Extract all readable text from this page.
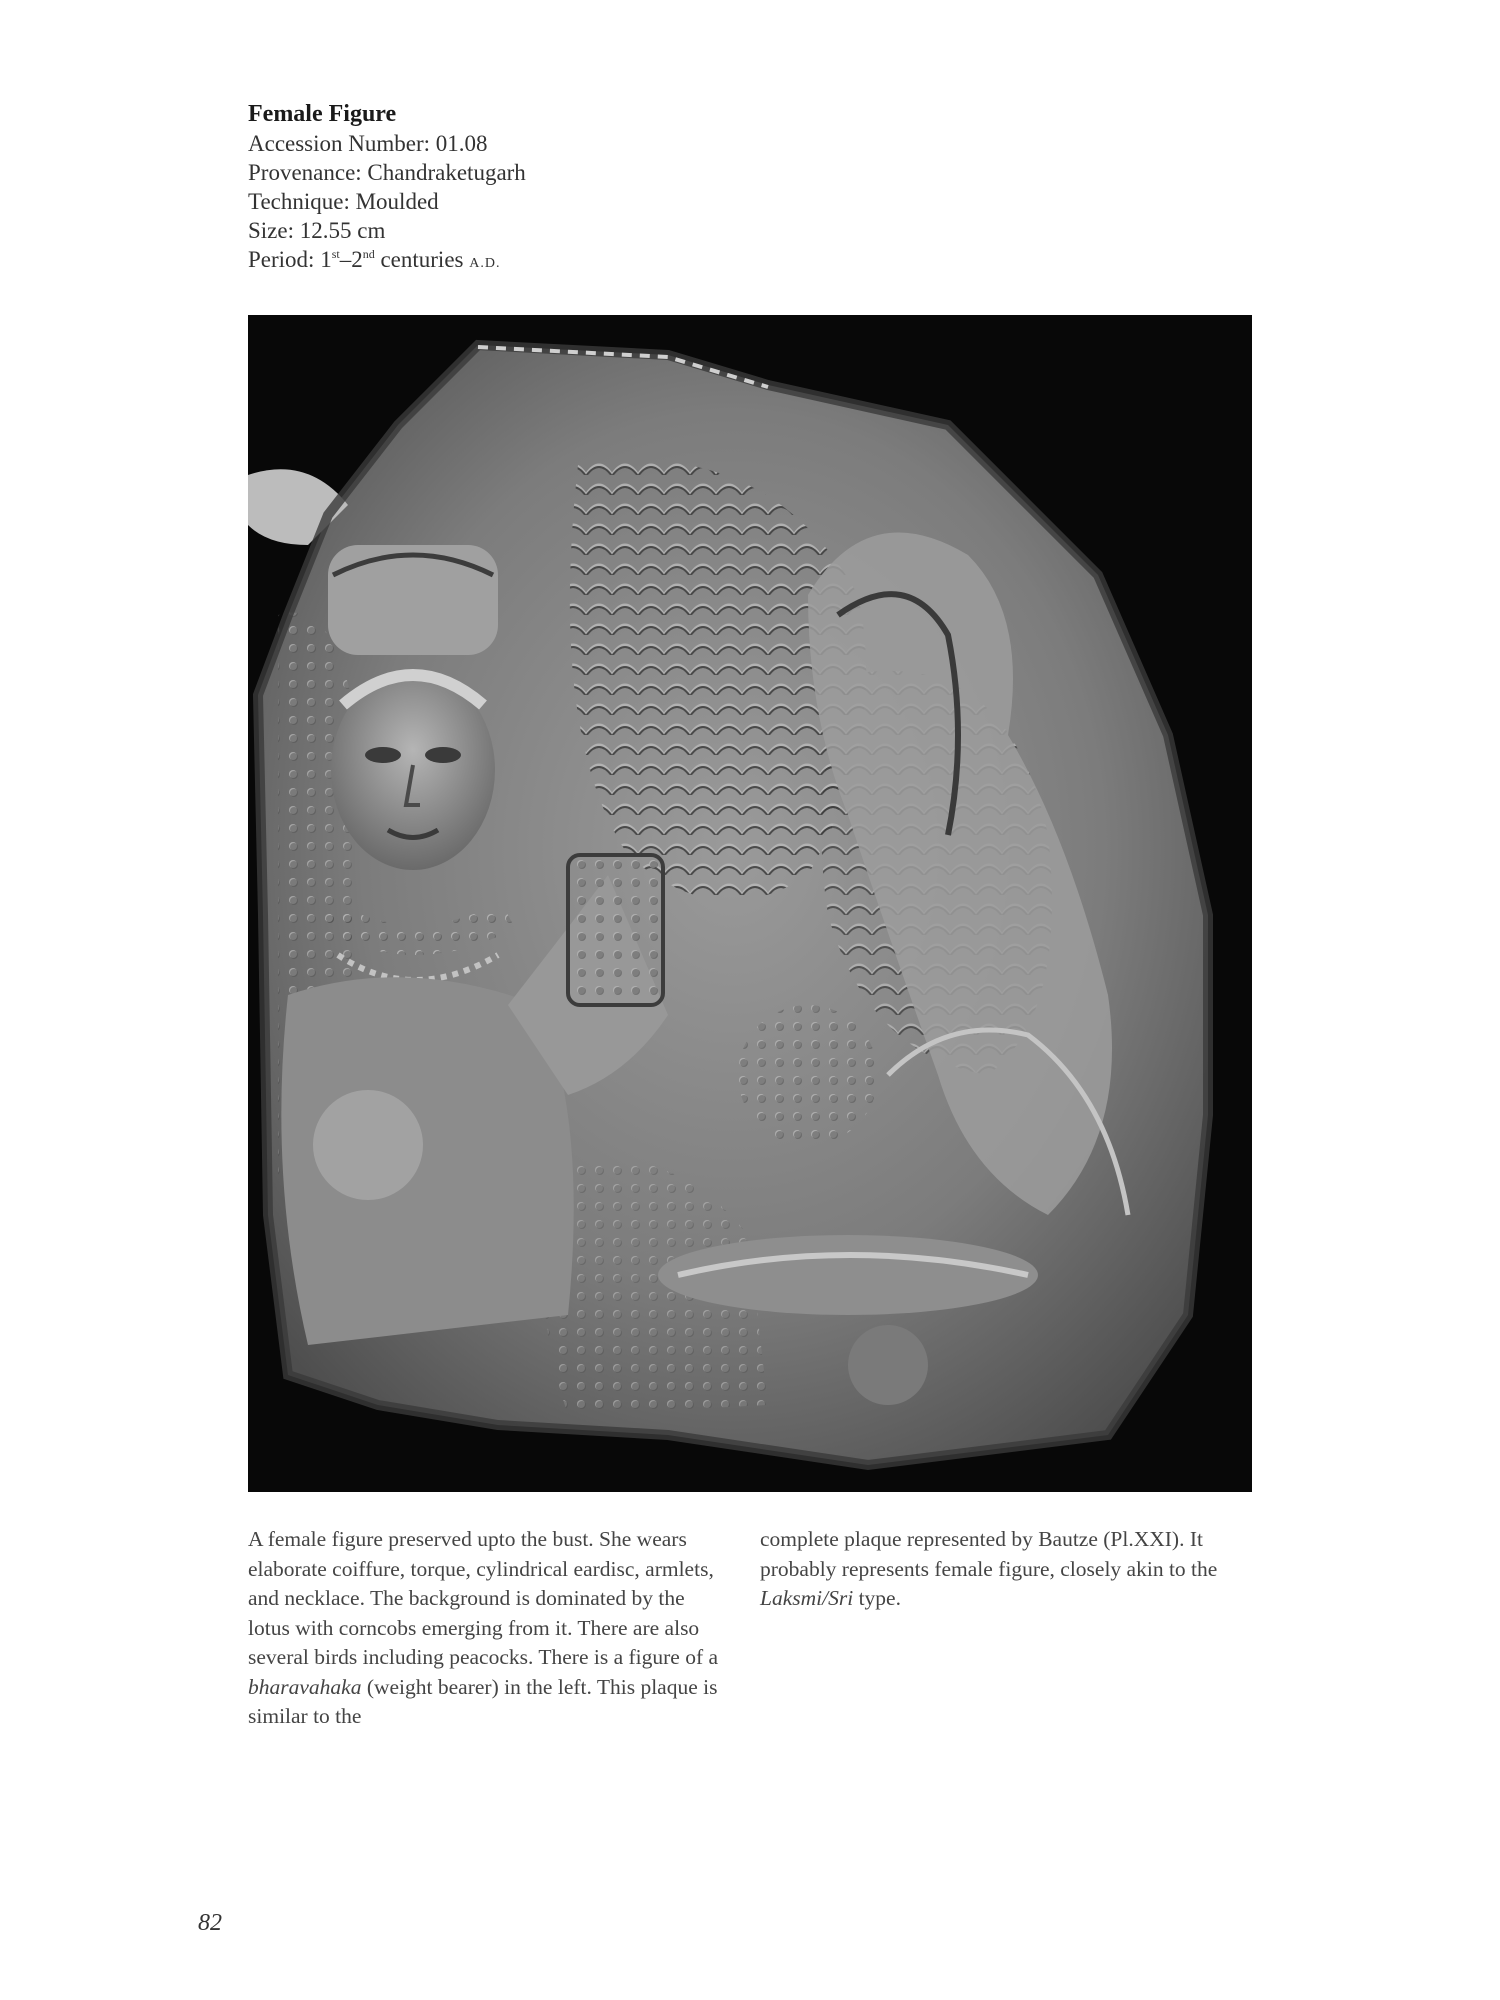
Female Figure
Accession Number: 01.08
Provenance: Chandraketugarh
Technique: Moulded
Size: 12.55 cm
Period: 1st–2nd centuries A.D.

A female figure preserved upto the bust. She wears elaborate coiffure, torque, cylindrical eardisc, armlets, and necklace. The background is dominated by the lotus with corncobs emerging from it. There are also several birds including peacocks. There is a figure of a bharavahaka (weight bearer) in the left. This plaque is similar to the

complete plaque represented by Bautze (Pl.XXI). It probably represents female figure, closely akin to the Laksmi/Sri type.

82
